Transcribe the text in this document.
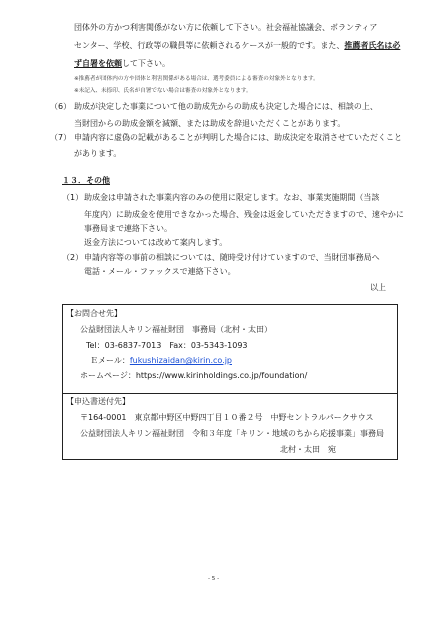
団体外の方かつ利害関係がない方に依頼して下さい。社会福祉協議会、ボランティア
センター、学校、行政等の職員等に依頼されるケースが一般的です。また、推薦者氏名は必
ず自署を依頼して下さい。
※推薦者が団体内の方や団体と利害関係がある場合は、選考委員による審査の対象外となります。
※未記入、未捺印、氏名が自署でない場合は審査の対象外となります。
（6） 助成が決定した事業について他の助成先からの助成も決定した場合には、相談の上、
当財団からの助成金額を減額、または助成を辞退いただくことがあります。
（7） 申請内容に虚偽の記載があることが判明した場合には、助成決定を取消させていただくこと
があります。
１３．その他
（1） 助成金は申請された事業内容のみの使用に限定します。なお、事業実施期間（当該
年度内）に助成金を使用できなかった場合、残金は返金していただきますので、速やかに
事務局まで連絡下さい。
返金方法については改めて案内します。
（2） 申請内容等の事前の相談については、随時受け付けていますので、当財団事務局へ
電話・メール・ファックスで連絡下さい。
以上
【お問合せ先】
公益財団法人キリン福祉財団　事務局（北村・太田）
Tel：03-6837-7013　Fax：03-5343-1093
Ｅメール：fukushizaidan@kirin.co.jp
ホームページ：https://www.kirinholdings.co.jp/foundation/
【申込書送付先】
〒164-0001　東京都中野区中野四丁目１０番２号　中野セントラルパークサウス
公益財団法人キリン福祉財団　令和３年度「キリン・地域のちから応援事業」事務局
北村・太田　宛
- 5 -
